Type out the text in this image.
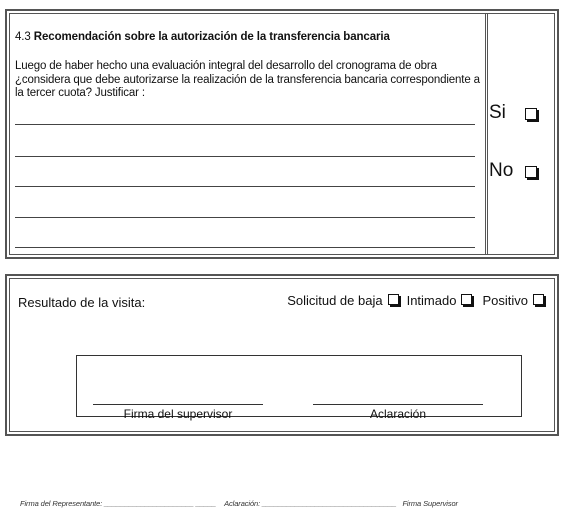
4.3 Recomendación sobre la autorización de la transferencia bancaria
Luego de haber hecho una evaluación integral del desarrollo del cronograma de obra ¿considera que debe autorizarse la realización de la transferencia bancaria correspondiente a la tercer cuota? Justificar :
Si
No
Resultado de la visita:	Solicitud de baja Intimado Positivo
Firma del supervisor	Aclaración
Firma del Representante: ______________________ _____ Aclaración: _________________________________ Firma Supervisor
